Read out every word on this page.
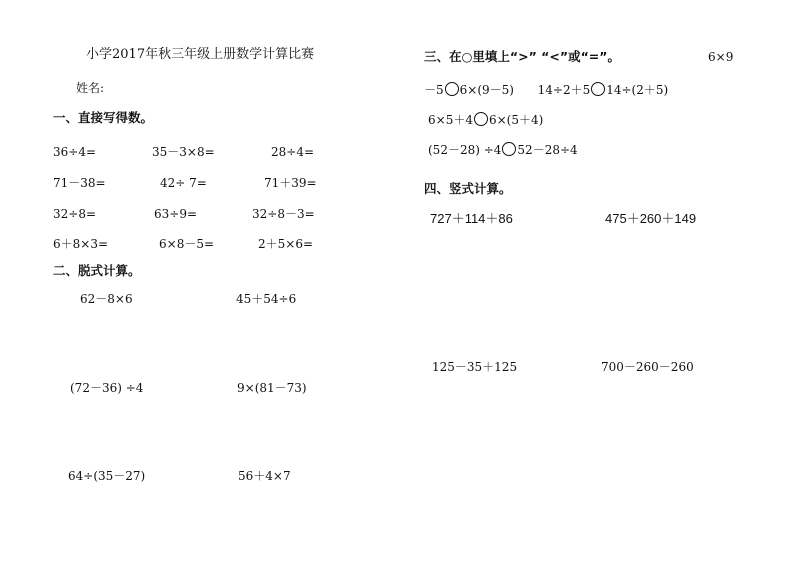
小学2017年秋三年级上册数学计算比赛
姓名:
一、直接写得数。
36÷4=	35－3×8=	28÷4=
71－38=	42÷ 7=	71＋39=
32÷8=	63÷9=	32÷8－3=
6＋8×3=	6×8－5=	2＋5×6=
二、脱式计算。
62－8×6	45＋54÷6
(72－36) ÷4	9×(81－73)
64÷(35－27)	56＋4×7
三、在○里填上“>” “<”或“=”。	6×9
－5 6×(9－5) 14÷2＋5 14÷(2＋5)
6×5＋4 6×(5＋4)
(52－28) ÷4 52－28÷4
四、竖式计算。
727＋114＋86	475＋260＋149
125－35＋125	700－260－260
